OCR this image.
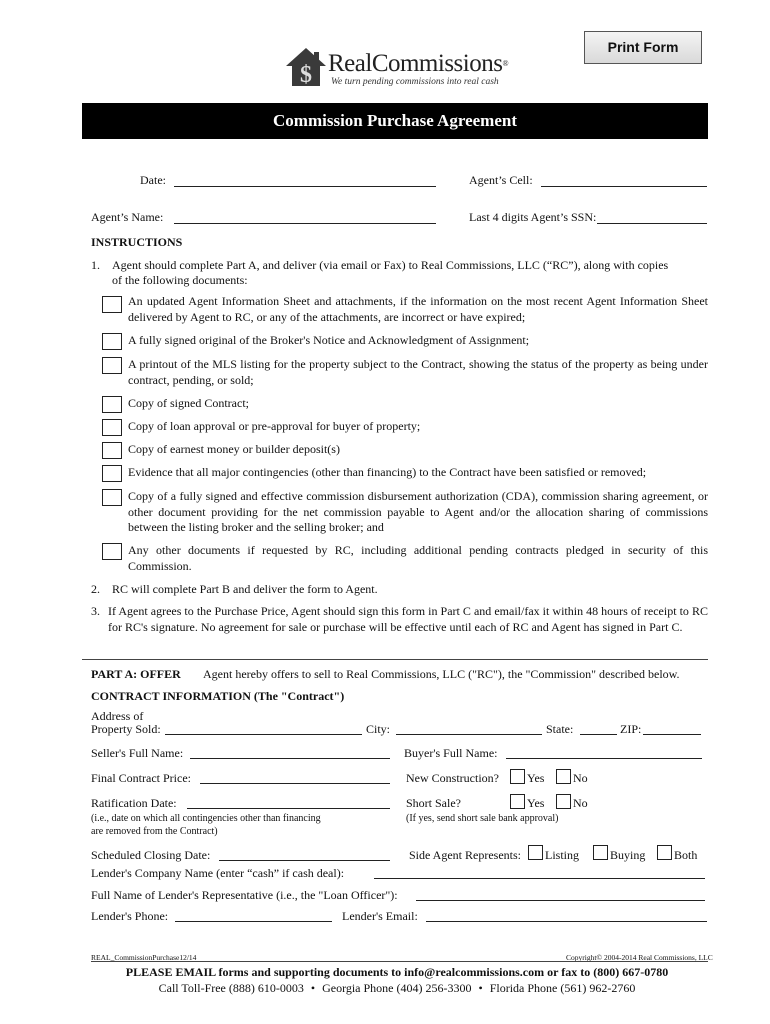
Print Form
$ RealCommissions®
We turn pending commissions into real cash
Commission Purchase Agreement
Date:	Agent’s Cell:
Agent’s Name:	Last 4 digits Agent’s SSN:
INSTRUCTIONS
1. Agent should complete Part A, and deliver (via email or Fax) to Real Commissions, LLC (“RC”), along with copies
of the following documents:
An updated Agent Information Sheet and attachments, if the information on the most recent Agent Information Sheet delivered by Agent to RC, or any of the attachments, are incorrect or have expired;
A fully signed original of the Broker's Notice and Acknowledgment of Assignment;
A printout of the MLS listing for the property subject to the Contract, showing the status of the property as being under contract, pending, or sold;
Copy of signed Contract;
Copy of loan approval or pre-approval for buyer of property;
Copy of earnest money or builder deposit(s)
Evidence that all major contingencies (other than financing) to the Contract have been satisfied or removed;
Copy of a fully signed and effective commission disbursement authorization (CDA), commission sharing agreement, or other document providing for the net commission payable to Agent and/or the allocation sharing of commissions between the listing broker and the selling broker; and
Any other documents if requested by RC, including additional pending contracts pledged in security of this Commission.
2. RC will complete Part B and deliver the form to Agent.
3. If Agent agrees to the Purchase Price, Agent should sign this form in Part C and email/fax it within 48 hours of receipt to RC for RC's signature. No agreement for sale or purchase will be effective until each of RC and Agent has signed in Part C.
PART A: OFFER Agent hereby offers to sell to Real Commissions, LLC ("RC"), the "Commission" described below.
CONTRACT INFORMATION (The "Contract")
Address of
Property Sold:	City:	State:	ZIP:
Seller's Full Name:	Buyer's Full Name:
Final Contract Price:	New Construction? Yes No
Ratification Date:	Short Sale?	Yes No
(i.e., date on which all contingencies other than financing
are removed from the Contract)
(If yes, send short sale bank approval)
Scheduled Closing Date:	Side Agent Represents: Listing	Buying Both
Lender's Company Name (enter “cash” if cash deal):
Full Name of Lender's Representative (i.e., the "Loan Officer"):
Lender's Phone:	Lender's Email:
REAL_CommissionPurchase12/14	Copyright© 2004-2014 Real Commissions, LLC
PLEASE EMAIL forms and supporting documents to info@realcommissions.com or fax to (800) 667-0780
Call Toll-Free (888) 610-0003 • Georgia Phone (404) 256-3300 • Florida Phone (561) 962-2760
